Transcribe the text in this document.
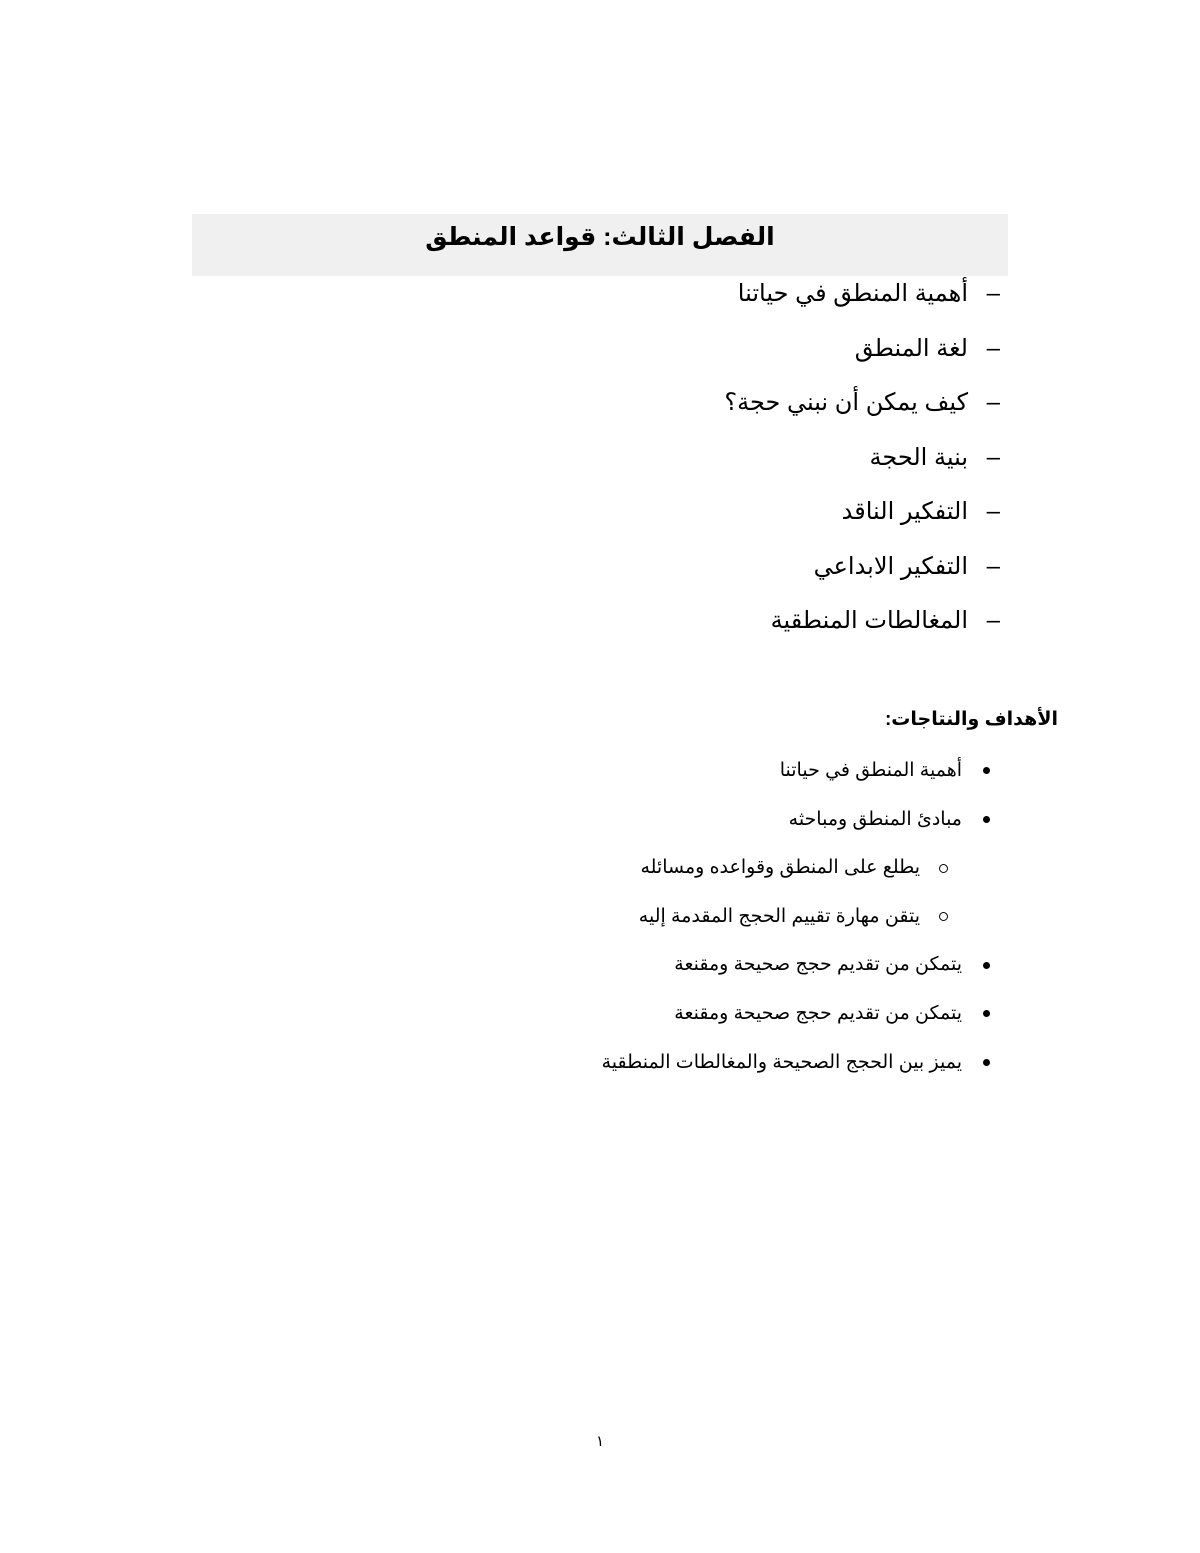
الفصل الثالث: قواعد المنطق
–أهمية المنطق في حياتنا
–لغة المنطق
–كيف يمكن أن نبني حجة؟
–بنية الحجة
–التفكير الناقد
–التفكير الابداعي
–المغالطات المنطقية
الأهداف والنتاجات:
أهمية المنطق في حياتنا
مبادئ المنطق ومباحثه
يطلع على المنطق وقواعده ومسائله
يتقن مهارة تقييم الحجج المقدمة إليه
يتمكن من تقديم حجج صحيحة ومقنعة
يتمكن من تقديم حجج صحيحة ومقنعة
يميز بين الحجج الصحيحة والمغالطات المنطقية
١
